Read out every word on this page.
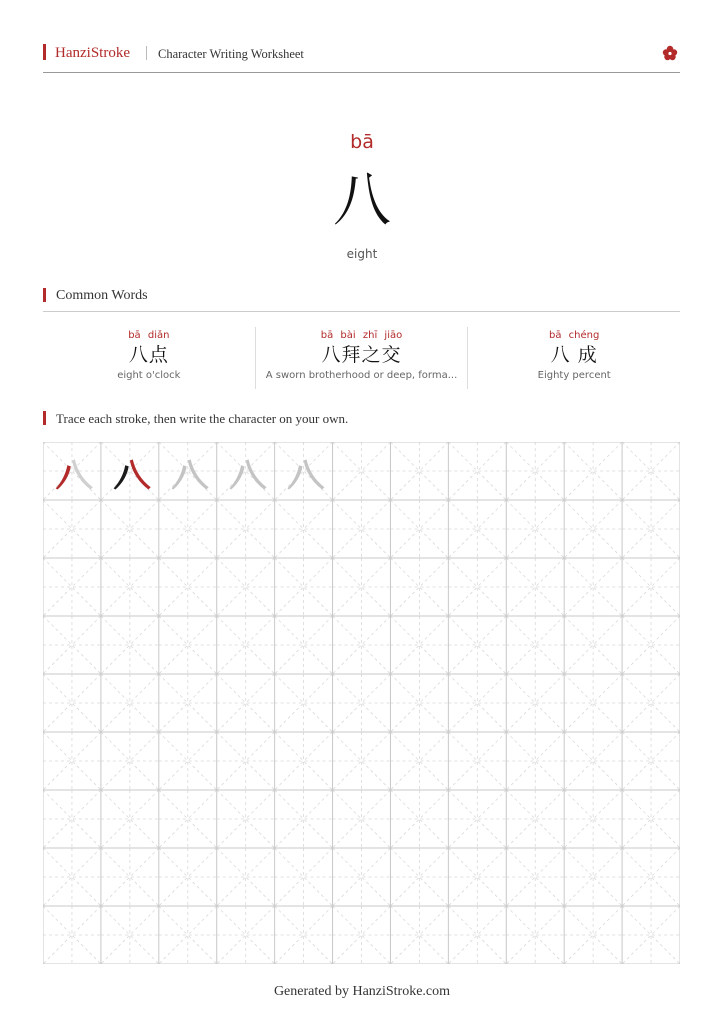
HanziStroke Character Writing Worksheet
bā
八
eight
Common Words
bā diǎn
八点
eight o'clock
bā bài zhī jiāo
八拜之交
A sworn brotherhood or deep, forma...
bā chéng
八 成
Eighty percent
Trace each stroke, then write the character on your own.
Generated by HanziStroke.com
